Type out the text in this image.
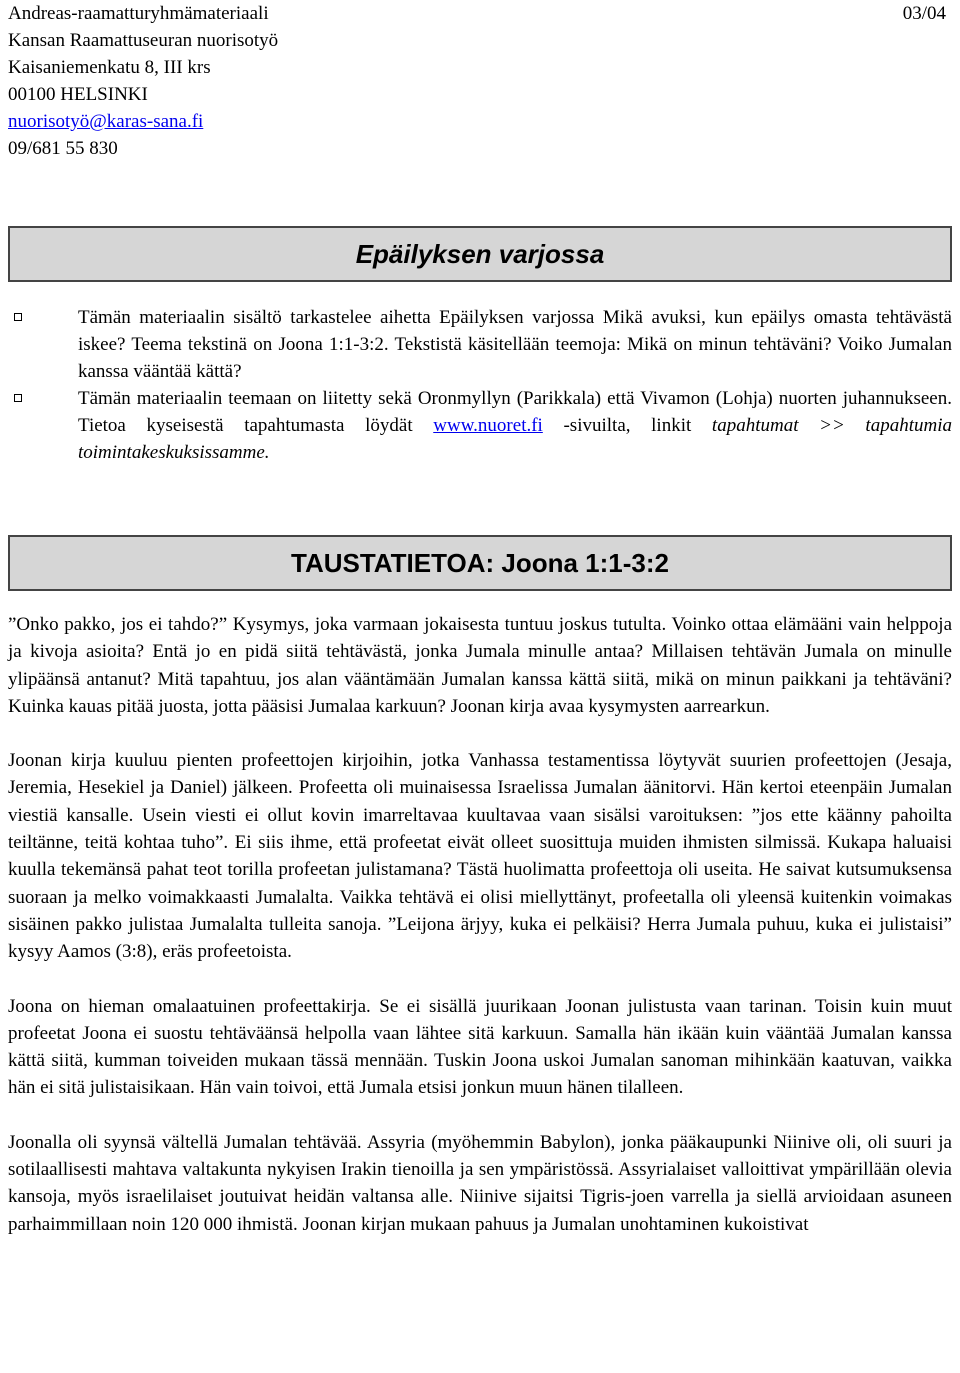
Andreas-raamatturyhmämateriaali	03/04
Kansan Raamattuseuran nuorisotyö
Kaisaniemenkatu 8, III krs
00100 HELSINKI
nuorisotyö@karas-sana.fi
09/681 55 830
Epäilyksen varjossa
Tämän materiaalin sisältö tarkastelee aihetta Epäilyksen varjossa Mikä avuksi, kun epäilys omasta tehtävästä iskee? Teema tekstinä on Joona 1:1-3:2. Tekstistä käsitellään teemoja: Mikä on minun tehtäväni? Voiko Jumalan kanssa vääntää kättä?
Tämän materiaalin teemaan on liitetty sekä Oronmyllyn (Parikkala) että Vivamon (Lohja) nuorten juhannukseen. Tietoa kyseisestä tapahtumasta löydät www.nuoret.fi -sivuilta, linkit tapahtumat >> tapahtumia toimintakeskuksissamme.
TAUSTATIETOA: Joona 1:1-3:2

”Onko pakko, jos ei tahdo?” Kysymys, joka varmaan jokaisesta tuntuu joskus tutulta. Voinko ottaa elämääni vain helppoja ja kivoja asioita? Entä jo en pidä siitä tehtävästä, jonka Jumala minulle antaa? Millaisen tehtävän Jumala on minulle ylipäänsä antanut? Mitä tapahtuu, jos alan vääntämään Jumalan kanssa kättä siitä, mikä on minun paikkani ja tehtäväni? Kuinka kauas pitää juosta, jotta pääsisi Jumalaa karkuun? Joonan kirja avaa kysymysten aarrearkun.

Joonan kirja kuuluu pienten profeettojen kirjoihin, jotka Vanhassa testamentissa löytyvät suurien profeettojen (Jesaja, Jeremia, Hesekiel ja Daniel) jälkeen. Profeetta oli muinaisessa Israelissa Jumalan äänitorvi. Hän kertoi eteenpäin Jumalan viestiä kansalle. Usein viesti ei ollut kovin imarreltavaa kuultavaa vaan sisälsi varoituksen: ”jos ette käänny pahoilta teiltänne, teitä kohtaa tuho”. Ei siis ihme, että profeetat eivät olleet suosittuja muiden ihmisten silmissä. Kukapa haluaisi kuulla tekemänsä pahat teot torilla profeetan julistamana? Tästä huolimatta profeettoja oli useita. He saivat kutsumuksensa suoraan ja melko voimakkaasti Jumalalta. Vaikka tehtävä ei olisi miellyttänyt, profeetalla oli yleensä kuitenkin voimakas sisäinen pakko julistaa Jumalalta tulleita sanoja. ”Leijona ärjyy, kuka ei pelkäisi? Herra Jumala puhuu, kuka ei julistaisi” kysyy Aamos (3:8), eräs profeetoista.

Joona on hieman omalaatuinen profeettakirja. Se ei sisällä juurikaan Joonan julistusta vaan tarinan. Toisin kuin muut profeetat Joona ei suostu tehtäväänsä helpolla vaan lähtee sitä karkuun. Samalla hän ikään kuin vääntää Jumalan kanssa kättä siitä, kumman toiveiden mukaan tässä mennään. Tuskin Joona uskoi Jumalan sanoman mihinkään kaatuvan, vaikka hän ei sitä julistaisikaan. Hän vain toivoi, että Jumala etsisi jonkun muun hänen tilalleen.

Joonalla oli syynsä vältellä Jumalan tehtävää. Assyria (myöhemmin Babylon), jonka pääkaupunki Niinive oli, oli suuri ja sotilaallisesti mahtava valtakunta nykyisen Irakin tienoilla ja sen ympäristössä. Assyrialaiset valloittivat ympärillään olevia kansoja, myös israelilaiset joutuivat heidän valtansa alle. Niinive sijaitsi Tigris-joen varrella ja siellä arvioidaan asuneen parhaimmillaan noin 120 000 ihmistä. Joonan kirjan mukaan pahuus ja Jumalan unohtaminen kukoistivat
